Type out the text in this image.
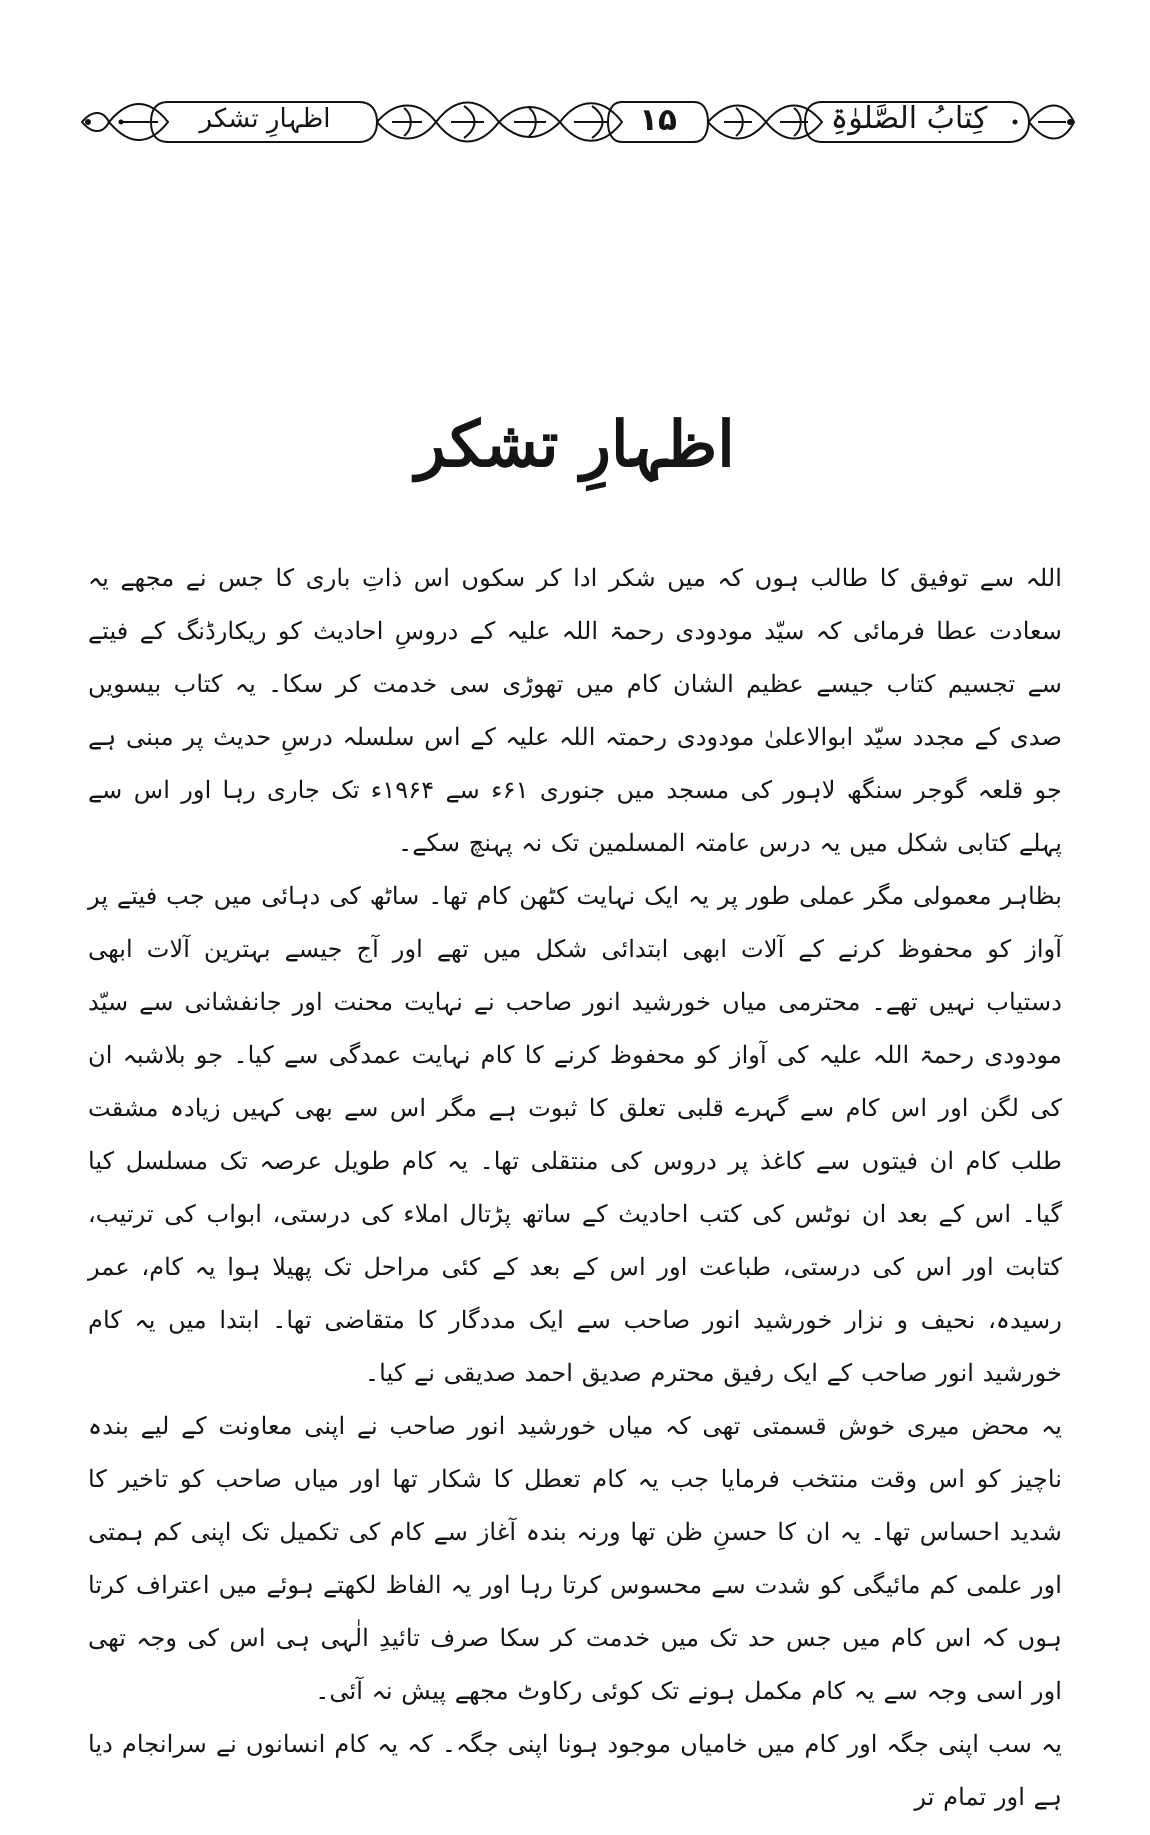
کِتابُ الصَّلوٰۃِ
۱۵
اظہارِ تشکر
اظہارِ تشکر

اللہ سے توفیق کا طالب ہوں کہ میں شکر ادا کر سکوں اس ذاتِ باری کا جس نے مجھے یہ سعادت عطا فرمائی کہ سیّد مودودی رحمۃ اللہ علیہ کے دروسِ احادیث کو ریکارڈنگ کے فیتے سے تجسیم کتاب جیسے عظیم الشان کام میں تھوڑی سی خدمت کر سکا۔ یہ کتاب بیسویں صدی کے مجدد سیّد ابوالاعلیٰ مودودی رحمتہ اللہ علیہ کے اس سلسلہ درسِ حدیث پر مبنی ہے جو قلعہ گوجر سنگھ لاہور کی مسجد میں جنوری ۶۱ء سے ۱۹۶۴ء تک جاری رہا اور اس سے پہلے کتابی شکل میں یہ درس عامتہ المسلمین تک نہ پہنچ سکے۔

بظاہر معمولی مگر عملی طور پر یہ ایک نہایت کٹھن کام تھا۔ ساٹھ کی دہائی میں جب فیتے پر آواز کو محفوظ کرنے کے آلات ابھی ابتدائی شکل میں تھے اور آج جیسے بہترین آلات ابھی دستیاب نہیں تھے۔ محترمی میاں خورشید انور صاحب نے نہایت محنت اور جانفشانی سے سیّد مودودی رحمۃ اللہ علیہ کی آواز کو محفوظ کرنے کا کام نہایت عمدگی سے کیا۔ جو بلاشبہ ان کی لگن اور اس کام سے گہرے قلبی تعلق کا ثبوت ہے مگر اس سے بھی کہیں زیادہ مشقت طلب کام ان فیتوں سے کاغذ پر دروس کی منتقلی تھا۔ یہ کام طویل عرصہ تک مسلسل کیا گیا۔ اس کے بعد ان نوٹس کی کتب احادیث کے ساتھ پڑتال املاء کی درستی، ابواب کی ترتیب، کتابت اور اس کی درستی، طباعت اور اس کے بعد کے کئی مراحل تک پھیلا ہوا یہ کام، عمر رسیدہ، نحیف و نزار خورشید انور صاحب سے ایک مددگار کا متقاضی تھا۔ ابتدا میں یہ کام خورشید انور صاحب کے ایک رفیق محترم صدیق احمد صدیقی نے کیا۔

یہ محض میری خوش قسمتی تھی کہ میاں خورشید انور صاحب نے اپنی معاونت کے لیے بندہ ناچیز کو اس وقت منتخب فرمایا جب یہ کام تعطل کا شکار تھا اور میاں صاحب کو تاخیر کا شدید احساس تھا۔ یہ ان کا حسنِ ظن تھا ورنہ بندہ آغاز سے کام کی تکمیل تک اپنی کم ہمتی اور علمی کم مائیگی کو شدت سے محسوس کرتا رہا اور یہ الفاظ لکھتے ہوئے میں اعتراف کرتا ہوں کہ اس کام میں جس حد تک میں خدمت کر سکا صرف تائیدِ الٰہی ہی اس کی وجہ تھی اور اسی وجہ سے یہ کام مکمل ہونے تک کوئی رکاوٹ مجھے پیش نہ آئی۔

یہ سب اپنی جگہ اور کام میں خامیاں موجود ہونا اپنی جگہ۔ کہ یہ کام انسانوں نے سرانجام دیا ہے اور تمام تر
